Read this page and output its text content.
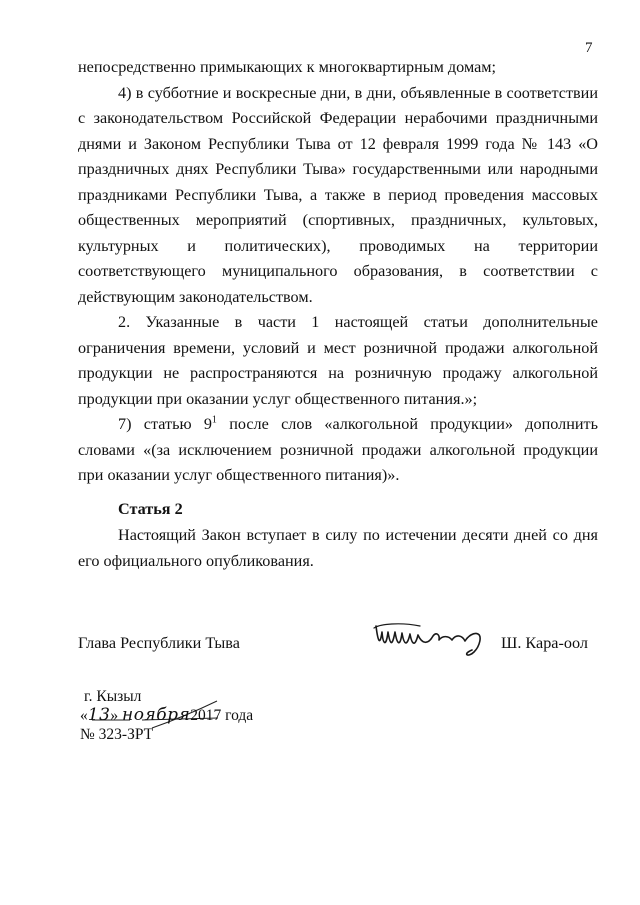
7

непосредственно примыкающих к многоквартирным домам;

4) в субботние и воскресные дни, в дни, объявленные в соответствии с законодательством Российской Федерации нерабочими праздничными днями и Законом Республики Тыва от 12 февраля 1999 года № 143 «О праздничных днях Республики Тыва» государственными или народными праздниками Республики Тыва, а также в период проведения массовых общественных мероприятий (спортивных, праздничных, культовых, культурных и политических), проводимых на территории соответствующего муниципального образования, в соответствии с действующим законодательством.

2. Указанные в части 1 настоящей статьи дополнительные ограничения времени, условий и мест розничной продажи алкогольной продукции не распространяются на розничную продажу алкогольной продукции при оказании услуг общественного питания.»;

7) статью $9^1$ после слов «алкогольной продукции» дополнить словами «(за исключением розничной продажи алкогольной продукции при оказании услуг общественного питания)».

Статья 2

Настоящий Закон вступает в силу по истечении десяти дней со дня его официального опубликования.

Глава Республики Тыва	Ш. Кара-оол
г. Кызыл
«13» ноября2017 года
№ 323-ЗРТ
